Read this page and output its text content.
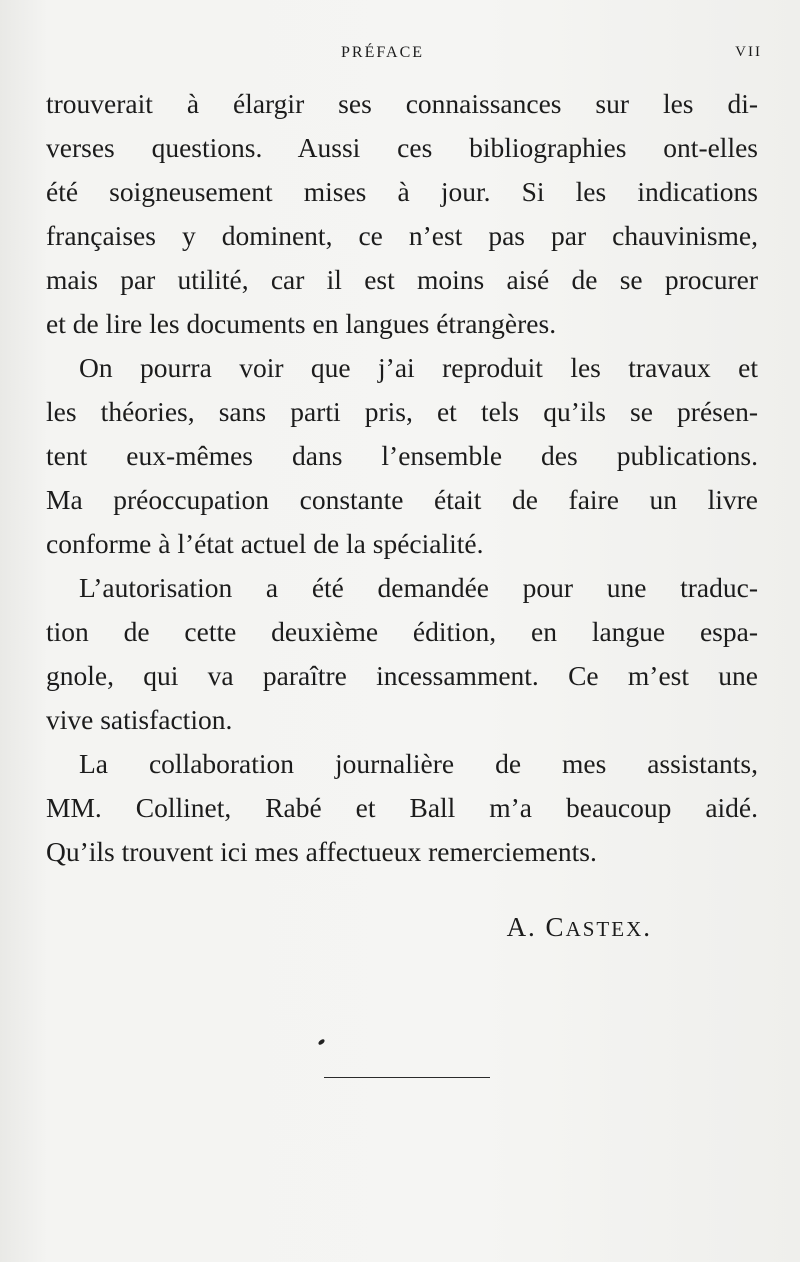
PRÉFACE	VII
trouverait à élargir ses connaissances sur les di-
verses questions. Aussi ces bibliographies ont-elles
été soigneusement mises à jour. Si les indications
françaises y dominent, ce n’est pas par chauvinisme,
mais par utilité, car il est moins aisé de se procurer
et de lire les documents en langues étrangères.
On pourra voir que j’ai reproduit les travaux et
les théories, sans parti pris, et tels qu’ils se présen-
tent eux-mêmes dans l’ensemble des publications.
Ma préoccupation constante était de faire un livre
conforme à l’état actuel de la spécialité.
L’autorisation a été demandée pour une traduc-
tion de cette deuxième édition, en langue espa-
gnole, qui va paraître incessamment. Ce m’est une
vive satisfaction.
La collaboration journalière de mes assistants,
MM. Collinet, Rabé et Ball m’a beaucoup aidé.
Qu’ils trouvent ici mes affectueux remerciements.
A. CASTEX.
